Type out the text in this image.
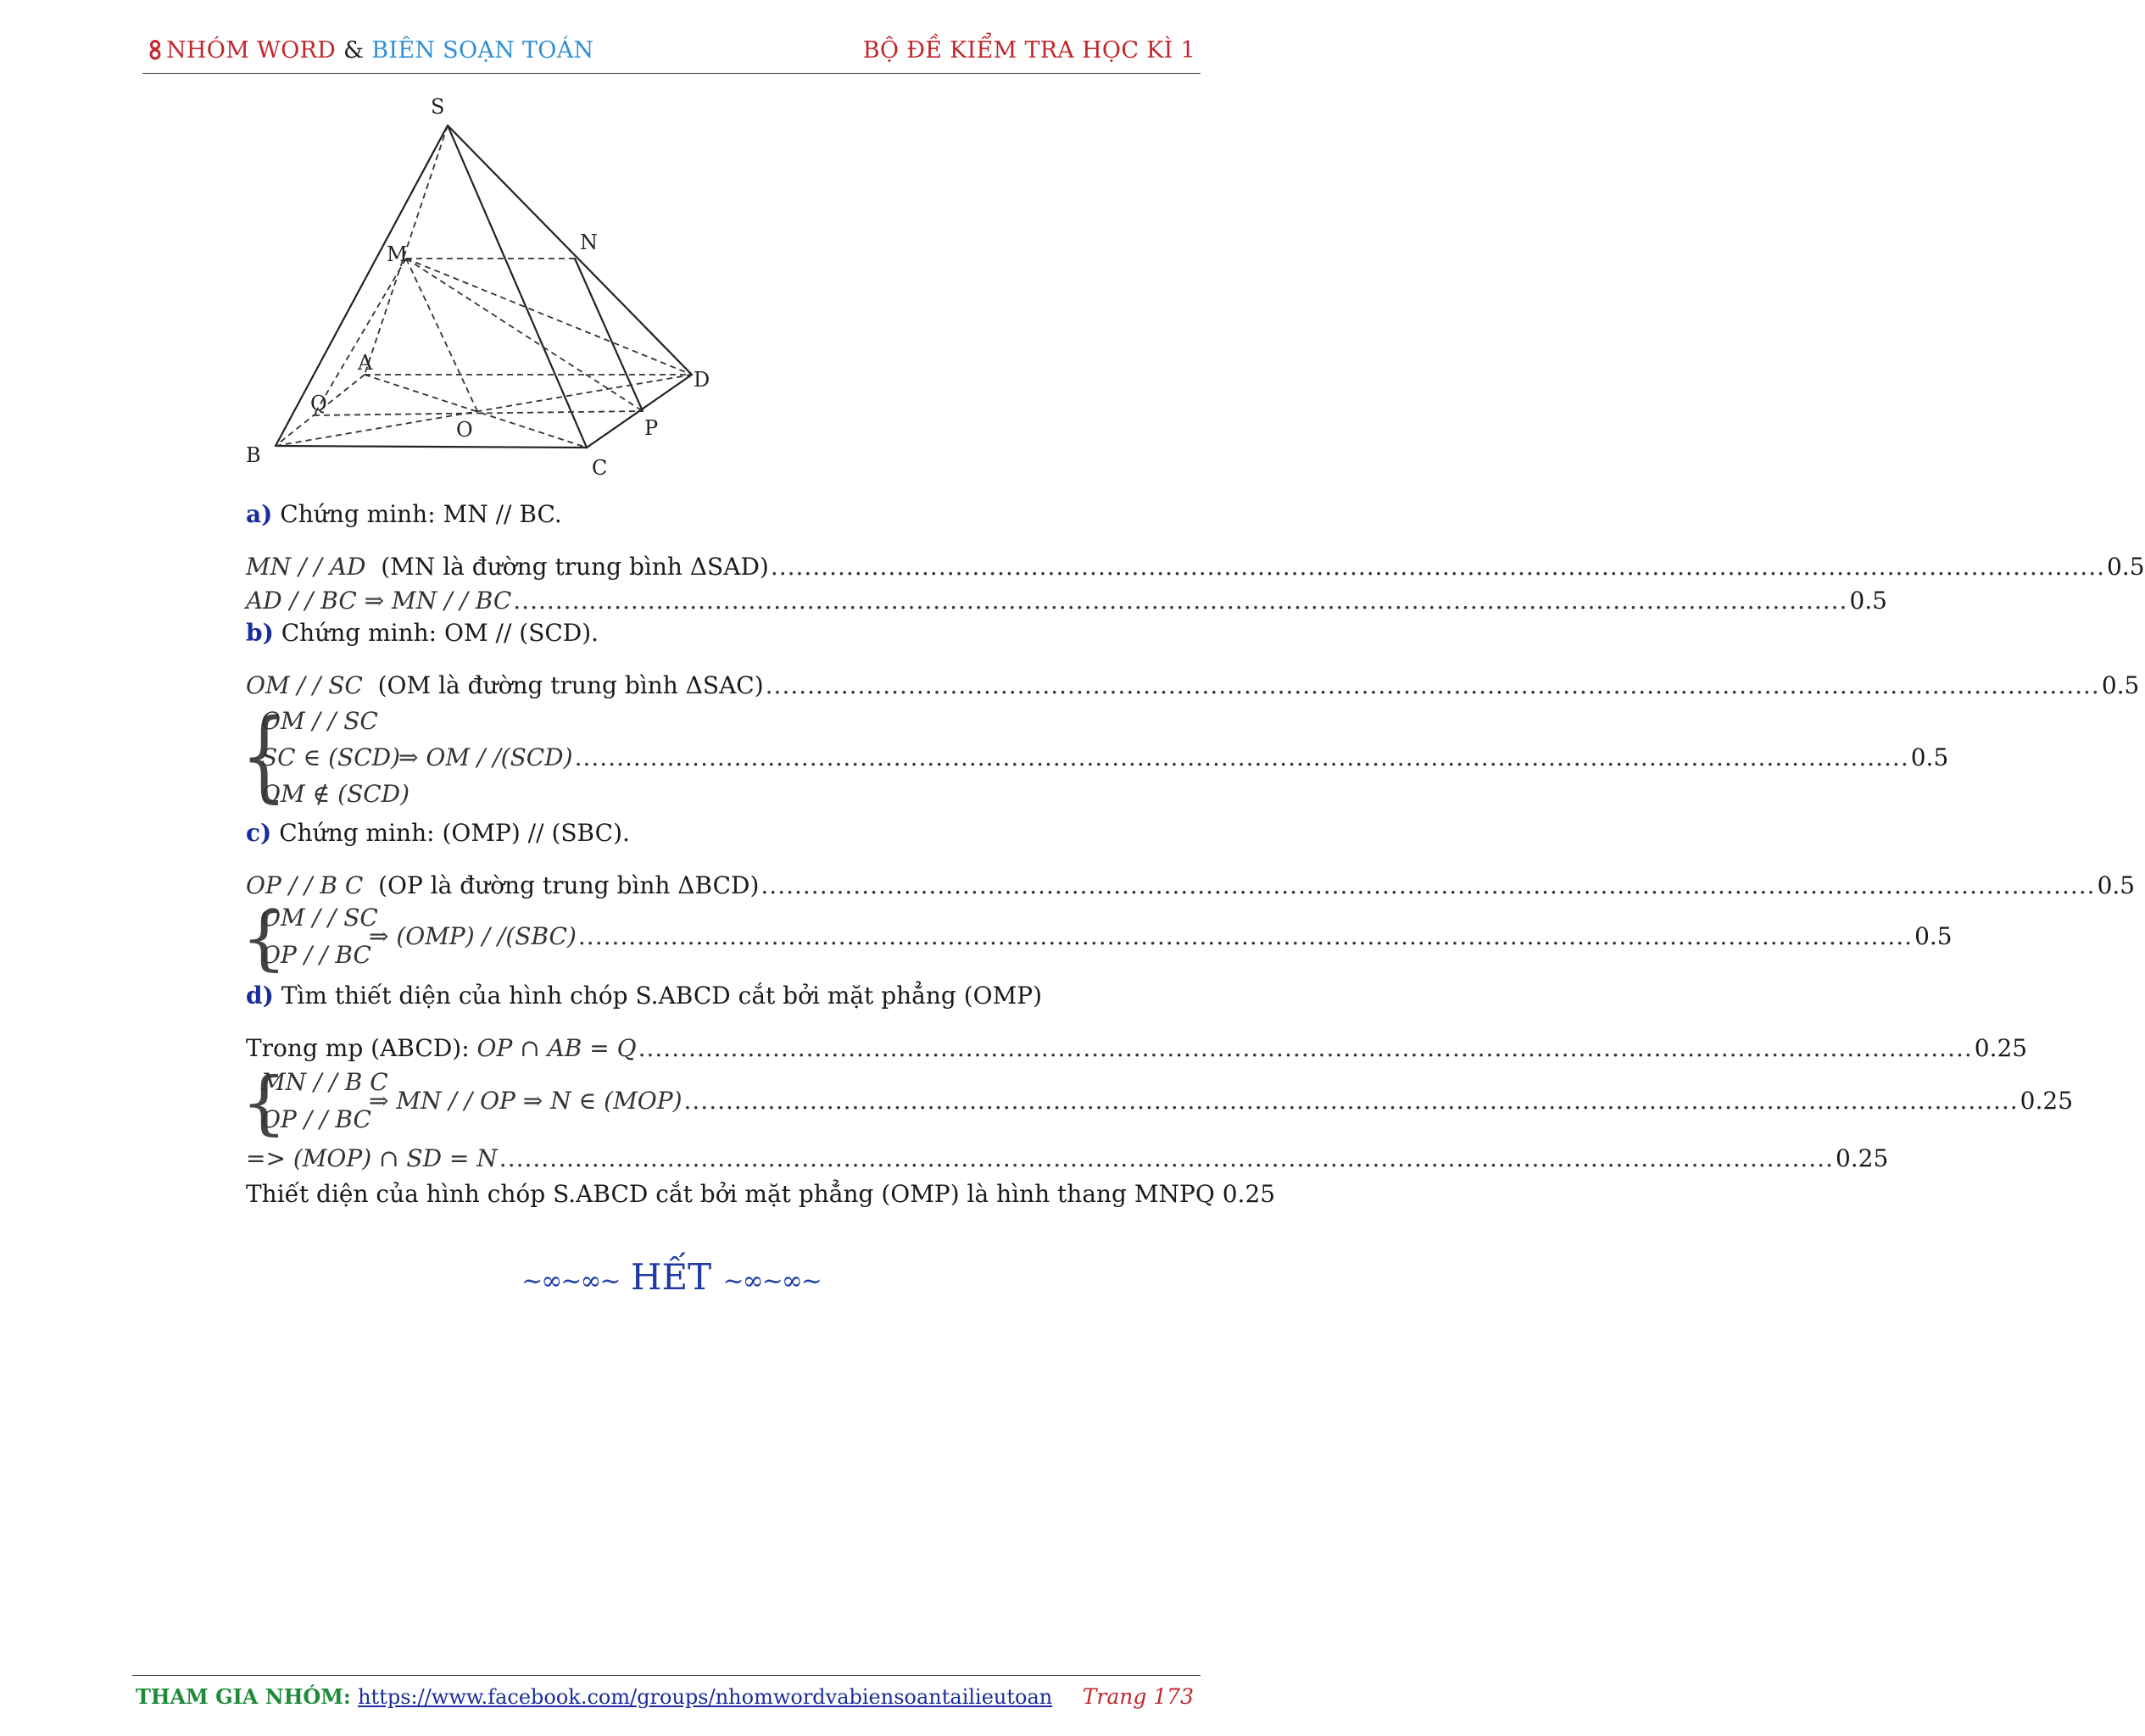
NHÓM WORD & BIÊN SOẠN TOÁN	BỘ ĐỀ KIỂM TRA HỌC KÌ 1
S
M	N
A
D
Q
O	P
B
C
a) Chứng minh: MN // BC.
MN / / AD (MN là đường trung bình ΔSAD) ............................................................................................................................................................... 0.5
AD / / BC ⇒ MN / / BC ............................................................................................................................................................... 0.5
b) Chứng minh: OM // (SCD).
OM / / SC (OM là đường trung bình ΔSAC) ............................................................................................................................................................... 0.5
{
OM / / SC
SC ∈ (SCD)
OM ∉ (SCD)
⇒ OM / /(SCD) ............................................................................................................................................................... 0.5
c) Chứng minh: (OMP) // (SBC).
OP / / B C (OP là đường trung bình ΔBCD) ............................................................................................................................................................... 0.5
{
OM / / SC
OP / / BC
⇒ (OMP) / /(SBC) ............................................................................................................................................................... 0.5
d) Tìm thiết diện của hình chóp S.ABCD cắt bởi mặt phẳng (OMP)
Trong mp (ABCD): OP ∩ AB = Q ............................................................................................................................................................... 0.25
{
MN / / B C
OP / / BC
⇒ MN / / OP ⇒ N ∈ (MOP) ............................................................................................................................................................... 0.25
=> (MOP) ∩ SD = N ............................................................................................................................................................... 0.25
Thiết diện của hình chóp S.ABCD cắt bởi mặt phẳng (OMP) là hình thang MNPQ 0.25
~∞~∞~ HẾT ~∞~∞~
THAM GIA NHÓM: https://www.facebook.com/groups/nhomwordvabiensoantailieutoan Trang 173
